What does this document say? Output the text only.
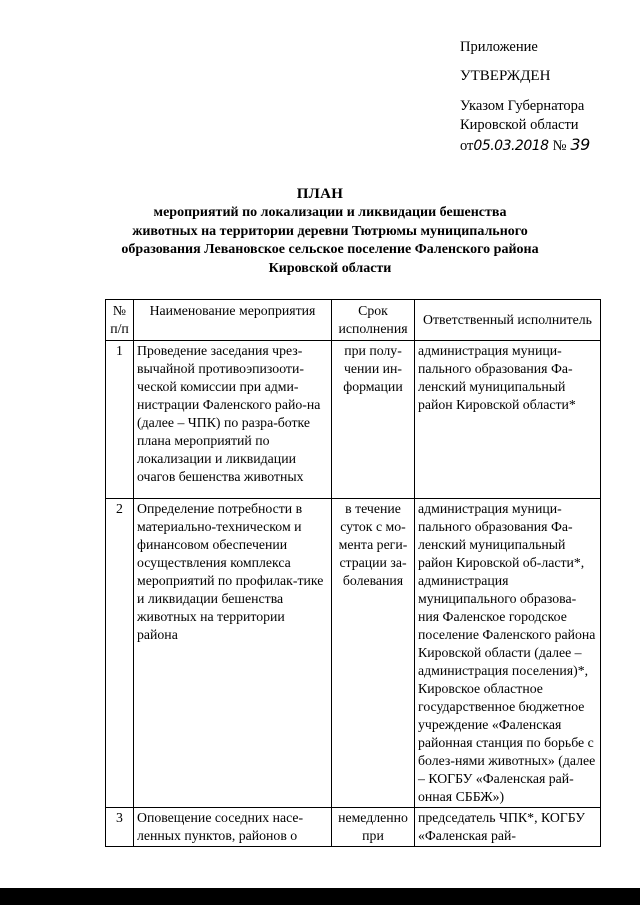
Приложение
УТВЕРЖДЕН
Указом Губернатора
Кировской области
от 05.03.2018 № 39
ПЛАН
мероприятий по локализации и ликвидации бешенства
животных на территории деревни Тютрюмы муниципального
образования Левановское сельское поселение Фаленского района
Кировской области
№ п/п	Наименование мероприятия	Срок исполнения	Ответственный исполнитель
1	Проведение заседания чрез-вычайной противоэпизооти-ческой комиссии при адми-нистрации Фаленского райо-на (далее – ЧПК) по разра-ботке плана мероприятий по локализации и ликвидации очагов бешенства животных	при полу-чении ин-формации	администрация муници-пального образования Фа-ленский муниципальный район Кировской области*
2	Определение потребности в материально-техническом и финансовом обеспечении осуществления комплекса мероприятий по профилак-тике и ликвидации бешенства животных на территории района	в течение суток с мо-мента реги-страции за-болевания	администрация муници-пального образования Фа-ленский муниципальный район Кировской об-ласти*, администрация муниципального образова-ния Фаленское городское поселение Фаленского района Кировской области (далее – администрация поселения)*, Кировское областное государственное бюджетное учреждение «Фаленская районная станция по борьбе с болез-нями животных» (далее – КОГБУ «Фаленская рай-онная СББЖ»)
3	Оповещение соседних насе-ленных пунктов, районов о	немедленно при	председатель ЧПК*, КОГБУ «Фаленская рай-
